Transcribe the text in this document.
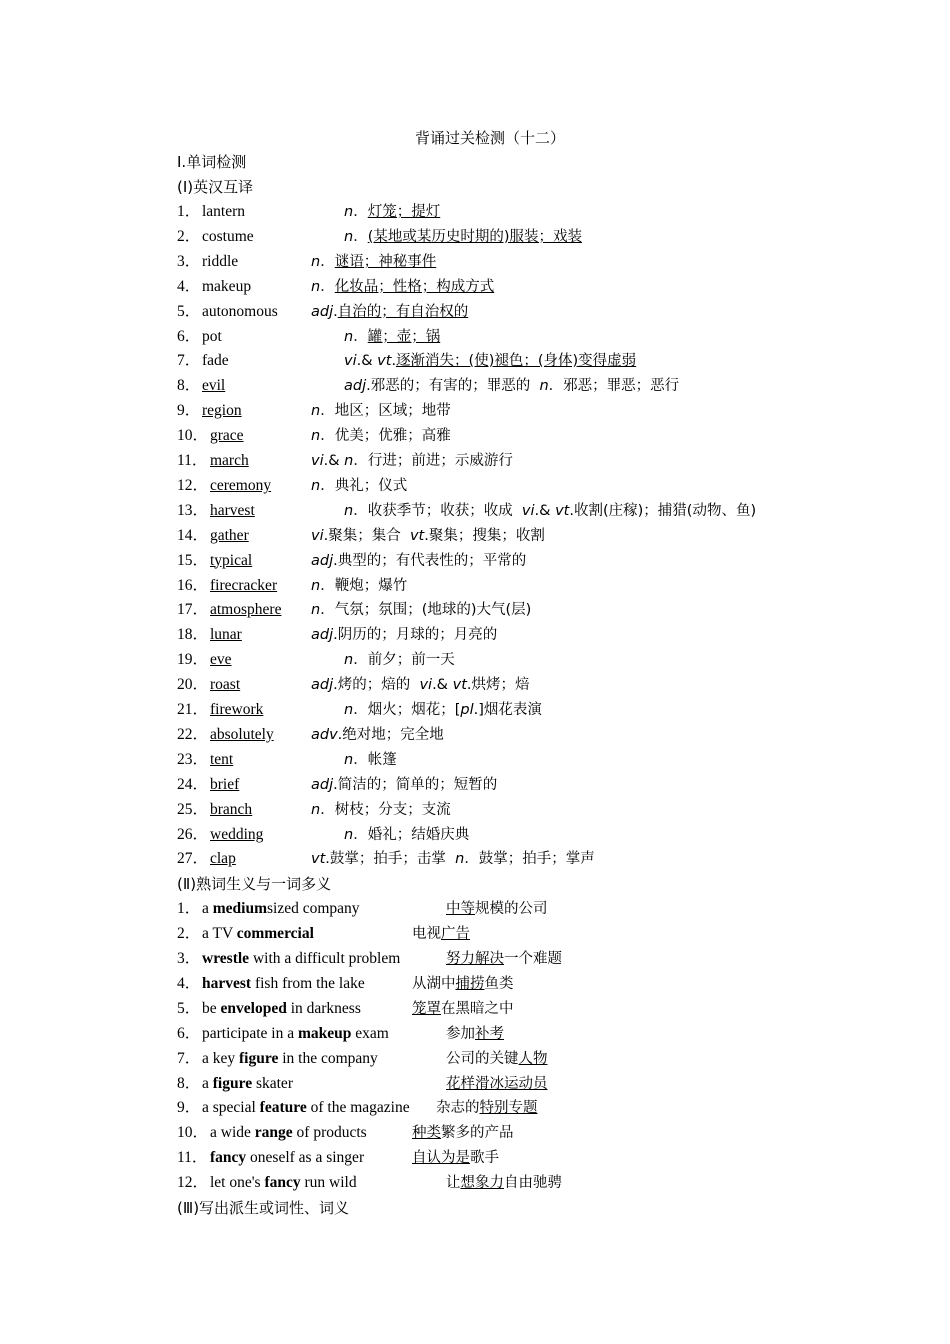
背诵过关检测（十二）
Ⅰ.单词检测
(Ⅰ)英汉互译
1． lantern	n．灯笼；提灯
2． costume	n．(某地或某历史时期的)服装；戏装
3． riddle	n．谜语；神秘事件
4． makeup	n．化妆品；性格；构成方式
5． autonomous adj.自治的；有自治权的
6． pot	n．罐；壶；锅
7． fade	vi.& vt.逐渐消失；(使)褪色；(身体)变得虚弱
8． evil	adj.邪恶的；有害的；罪恶的  n．邪恶；罪恶；恶行
9． region	n．地区；区域；地带
10． grace	n．优美；优雅；高雅
11． march	vi.& n．行进；前进；示威游行
12． ceremony	n．典礼；仪式
13． harvest	n．收获季节；收获；收成  vi.& vt.收割(庄稼)；捕猎(动物、鱼)
14． gather	vi.聚集；集合  vt.聚集；搜集；收割
15． typical	adj.典型的；有代表性的；平常的
16． firecracker n．鞭炮；爆竹
17． atmosphere n．气氛；氛围；(地球的)大气(层)
18． lunar	adj.阴历的；月球的；月亮的
19． eve	n．前夕；前一天
20． roast	adj.烤的；焙的  vi.& vt.烘烤；焙
21． firework	n．烟火；烟花；[pl.]烟花表演
22． absolutely	adv.绝对地；完全地
23． tent	n．帐篷
24． brief	adj.简洁的；简单的；短暂的
25． branch	n．树枝；分支；支流
26． wedding	n．婚礼；结婚庆典
27． clap	vt.鼓掌；拍手；击掌  n．鼓掌；拍手；掌声
(Ⅱ)熟词生义与一词多义
1． a mediumsized company	中等规模的公司
2． a TV commercial	电视广告
3． wrestle with a difficult problem	努力解决一个难题
4． harvest fish from the lake	从湖中捕捞鱼类
5． be enveloped in darkness	笼罩在黑暗之中
6． participate in a makeup exam	参加补考
7． a key figure in the company	公司的关键人物
8． a figure skater	花样滑冰运动员
9． a special feature of the magazine 杂志的特别专题
10． a wide range of products	种类繁多的产品
11． fancy oneself as a singer	自认为是歌手
12． let one's fancy run wild	让想象力自由驰骋
(Ⅲ)写出派生或词性、词义
